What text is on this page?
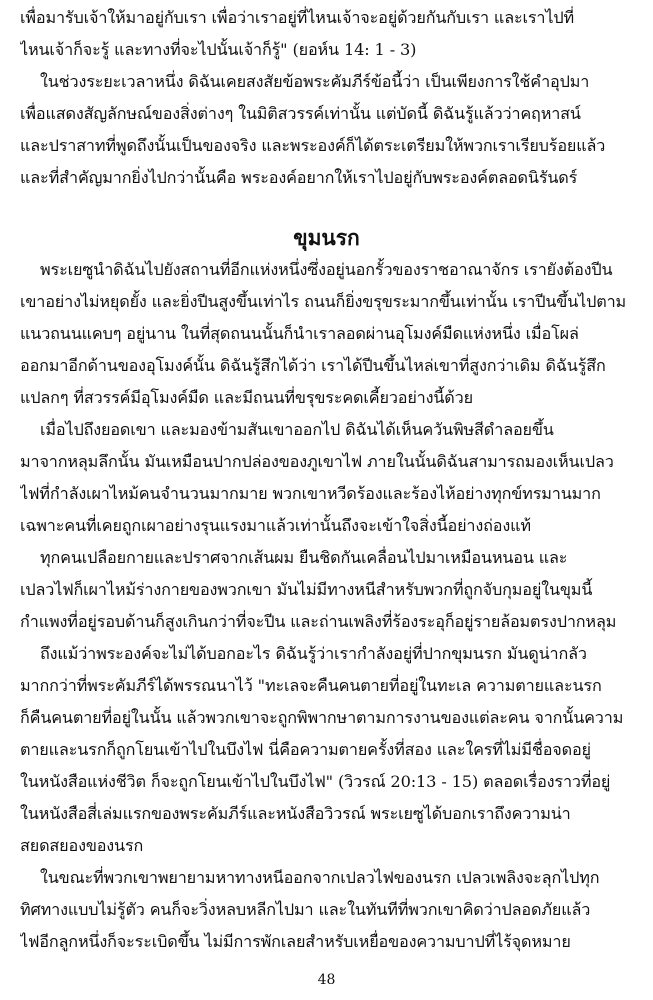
เพื่อมารับเจ้าให้มาอยู่กับเรา เพื่อว่าเราอยู่ที่ไหนเจ้าจะอยู่ด้วยกันกับเรา และเราไปที่
ไหนเจ้าก็จะรู้ และทางที่จะไปนั้นเจ้าก็รู้" (ยอห์น 14: 1 - 3)
ในช่วงระยะเวลาหนึ่ง ดิฉันเคยสงสัยข้อพระคัมภีร์ข้อนี้ว่า เป็นเพียงการใช้คำอุปมา
เพื่อแสดงสัญลักษณ์ของสิ่งต่างๆ ในมิติสวรรค์เท่านั้น แต่บัดนี้ ดิฉันรู้แล้วว่าคฤหาสน์
และปราสาทที่พูดถึงนั้นเป็นของจริง และพระองค์ก็ได้ตระเตรียมให้พวกเราเรียบร้อยแล้ว
และที่สำคัญมากยิ่งไปกว่านั้นคือ พระองค์อยากให้เราไปอยู่กับพระองค์ตลอดนิรันดร์
ขุมนรก
พระเยซูนำดิฉันไปยังสถานที่อีกแห่งหนึ่งซึ่งอยู่นอกรั้วของราชอาณาจักร เรายังต้องปีน
เขาอย่างไม่หยุดยั้ง และยิ่งปีนสูงขึ้นเท่าไร ถนนก็ยิ่งขรุขระมากขึ้นเท่านั้น เราปีนขึ้นไปตาม
แนวถนนแคบๆ อยู่นาน ในที่สุดถนนนั้นก็นำเราลอดผ่านอุโมงค์มืดแห่งหนึ่ง เมื่อโผล่
ออกมาอีกด้านของอุโมงค์นั้น ดิฉันรู้สึกได้ว่า เราได้ปีนขึ้นไหล่เขาที่สูงกว่าเดิม ดิฉันรู้สึก
แปลกๆ ที่สวรรค์มีอุโมงค์มืด และมีถนนที่ขรุขระคดเคี้ยวอย่างนี้ด้วย
เมื่อไปถึงยอดเขา และมองข้ามสันเขาออกไป ดิฉันได้เห็นควันพิษสีดำลอยขึ้น
มาจากหลุมลึกนั้น มันเหมือนปากปล่องของภูเขาไฟ ภายในนั้นดิฉันสามารถมองเห็นเปลว
ไฟที่กำลังเผาไหม้คนจำนวนมากมาย พวกเขาหวีดร้องและร้องไห้อย่างทุกข์ทรมานมาก
เฉพาะคนที่เคยถูกเผาอย่างรุนแรงมาแล้วเท่านั้นถึงจะเข้าใจสิ่งนี้อย่างถ่องแท้
ทุกคนเปลือยกายและปราศจากเส้นผม ยืนชิดกันเคลื่อนไปมาเหมือนหนอน และ
เปลวไฟก็เผาไหม้ร่างกายของพวกเขา มันไม่มีทางหนีสำหรับพวกที่ถูกจับกุมอยู่ในขุมนี้
กำแพงที่อยู่รอบด้านก็สูงเกินกว่าที่จะปีน และถ่านเพลิงที่ร้องระอุก็อยู่รายล้อมตรงปากหลุม
ถึงแม้ว่าพระองค์จะไม่ได้บอกอะไร ดิฉันรู้ว่าเรากำลังอยู่ที่ปากขุมนรก มันดูน่ากลัว
มากกว่าที่พระคัมภีร์ได้พรรณนาไว้ "ทะเลจะคืนคนตายที่อยู่ในทะเล ความตายและนรก
ก็คืนคนตายที่อยู่ในนั้น แล้วพวกเขาจะถูกพิพากษาตามการงานของแต่ละคน จากนั้นความ
ตายและนรกก็ถูกโยนเข้าไปในบึงไฟ นี่คือความตายครั้งที่สอง และใครที่ไม่มีชื่อจดอยู่
ในหนังสือแห่งชีวิต ก็จะถูกโยนเข้าไปในบึงไฟ" (วิวรณ์ 20:13 - 15) ตลอดเรื่องราวที่อยู่
ในหนังสือสี่เล่มแรกของพระคัมภีร์และหนังสือวิวรณ์ พระเยซูได้บอกเราถึงความน่า
สยดสยองของนรก
ในขณะที่พวกเขาพยายามหาทางหนีออกจากเปลวไฟของนรก เปลวเพลิงจะลุกไปทุก
ทิศทางแบบไม่รู้ตัว คนก็จะวิ่งหลบหลีกไปมา และในทันทีที่พวกเขาคิดว่าปลอดภัยแล้ว
ไฟอีกลูกหนึ่งก็จะระเบิดขึ้น ไม่มีการพักเลยสำหรับเหยื่อของความบาปที่ไร้จุดหมาย
48
